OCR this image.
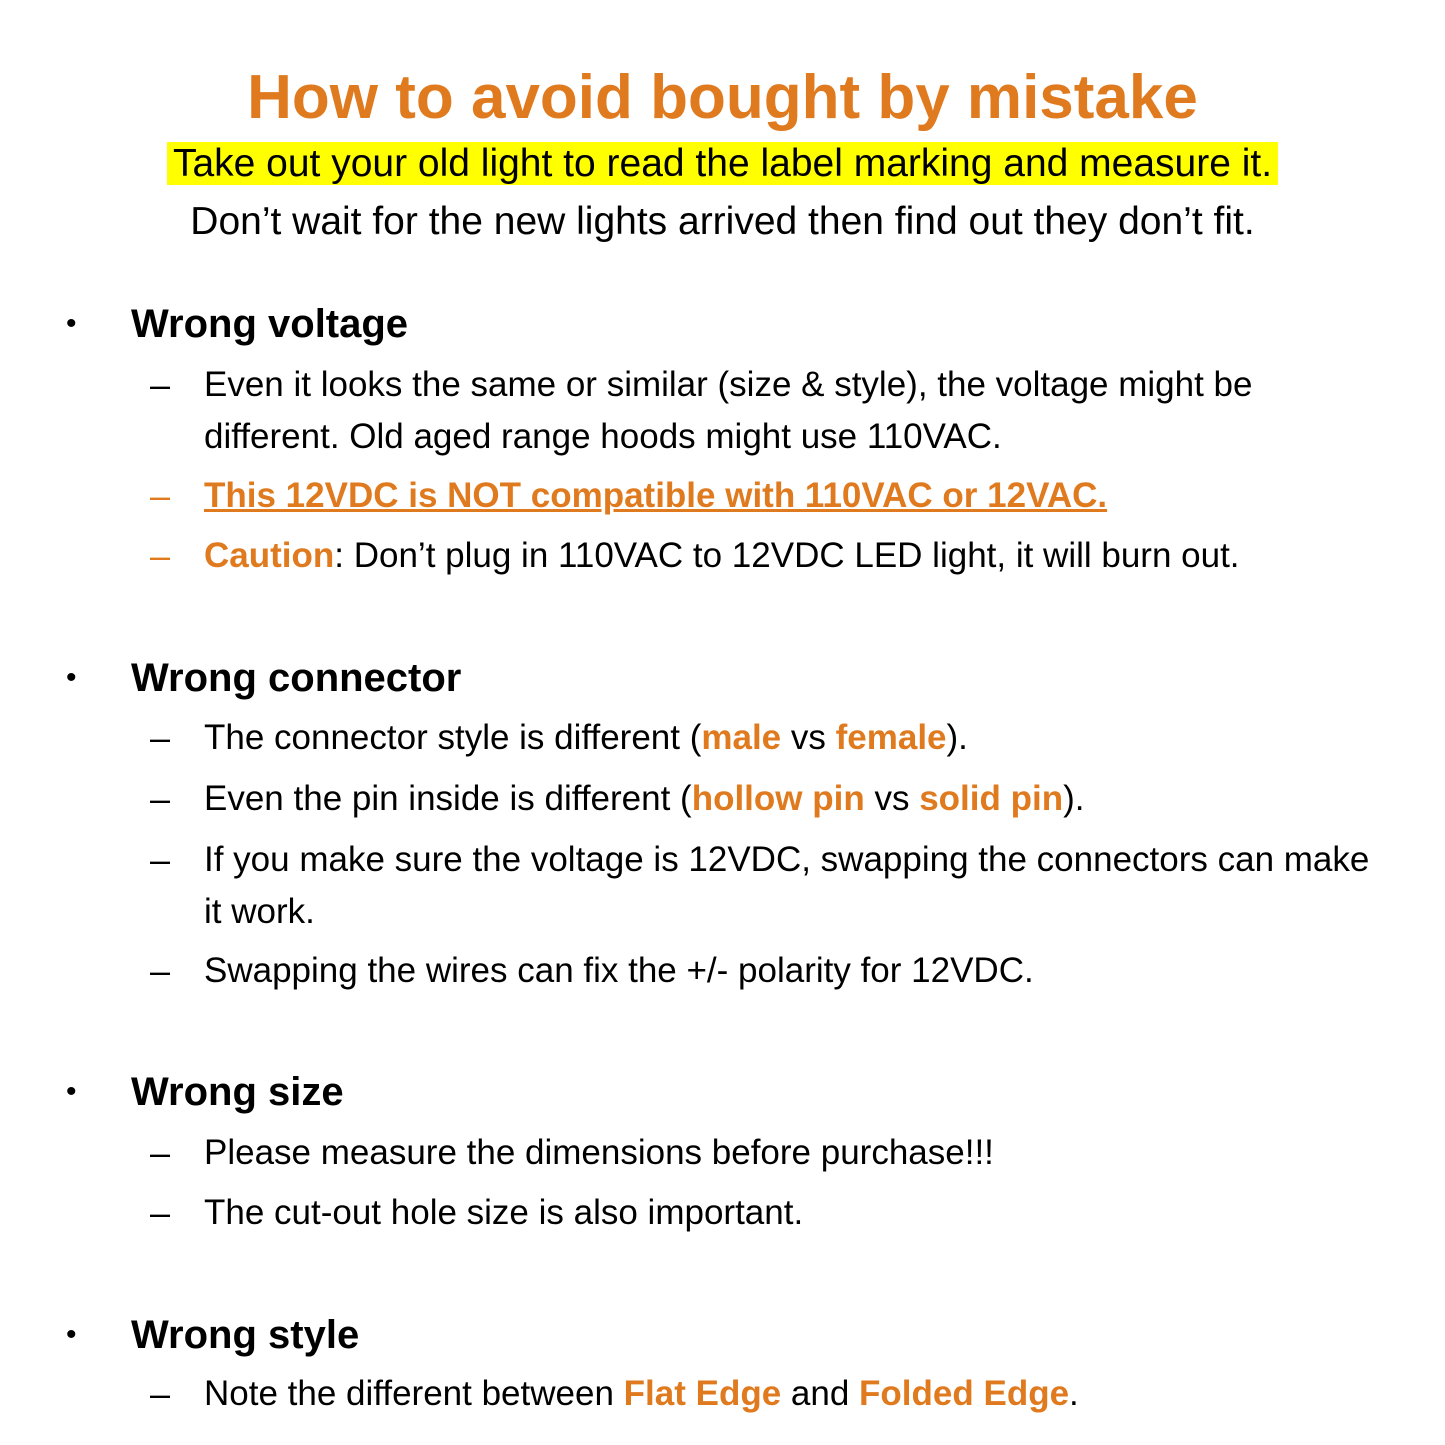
How to avoid bought by mistake
Take out your old light to read the label marking and measure it.
Don’t wait for the new lights arrived then find out they don’t fit.
• Wrong voltage
– Even it looks the same or similar (size & style), the voltage might be different. Old aged range hoods might use 110VAC.
– This 12VDC is NOT compatible with 110VAC or 12VAC.
– Caution: Don’t plug in 110VAC to 12VDC LED light, it will burn out.
• Wrong connector
– The connector style is different (male vs female).
– Even the pin inside is different (hollow pin vs solid pin).
– If you make sure the voltage is 12VDC, swapping the connectors can make it work.
– Swapping the wires can fix the +/- polarity for 12VDC.
• Wrong size
– Please measure the dimensions before purchase!!!
– The cut-out hole size is also important.
• Wrong style
– Note the different between Flat Edge and Folded Edge.
